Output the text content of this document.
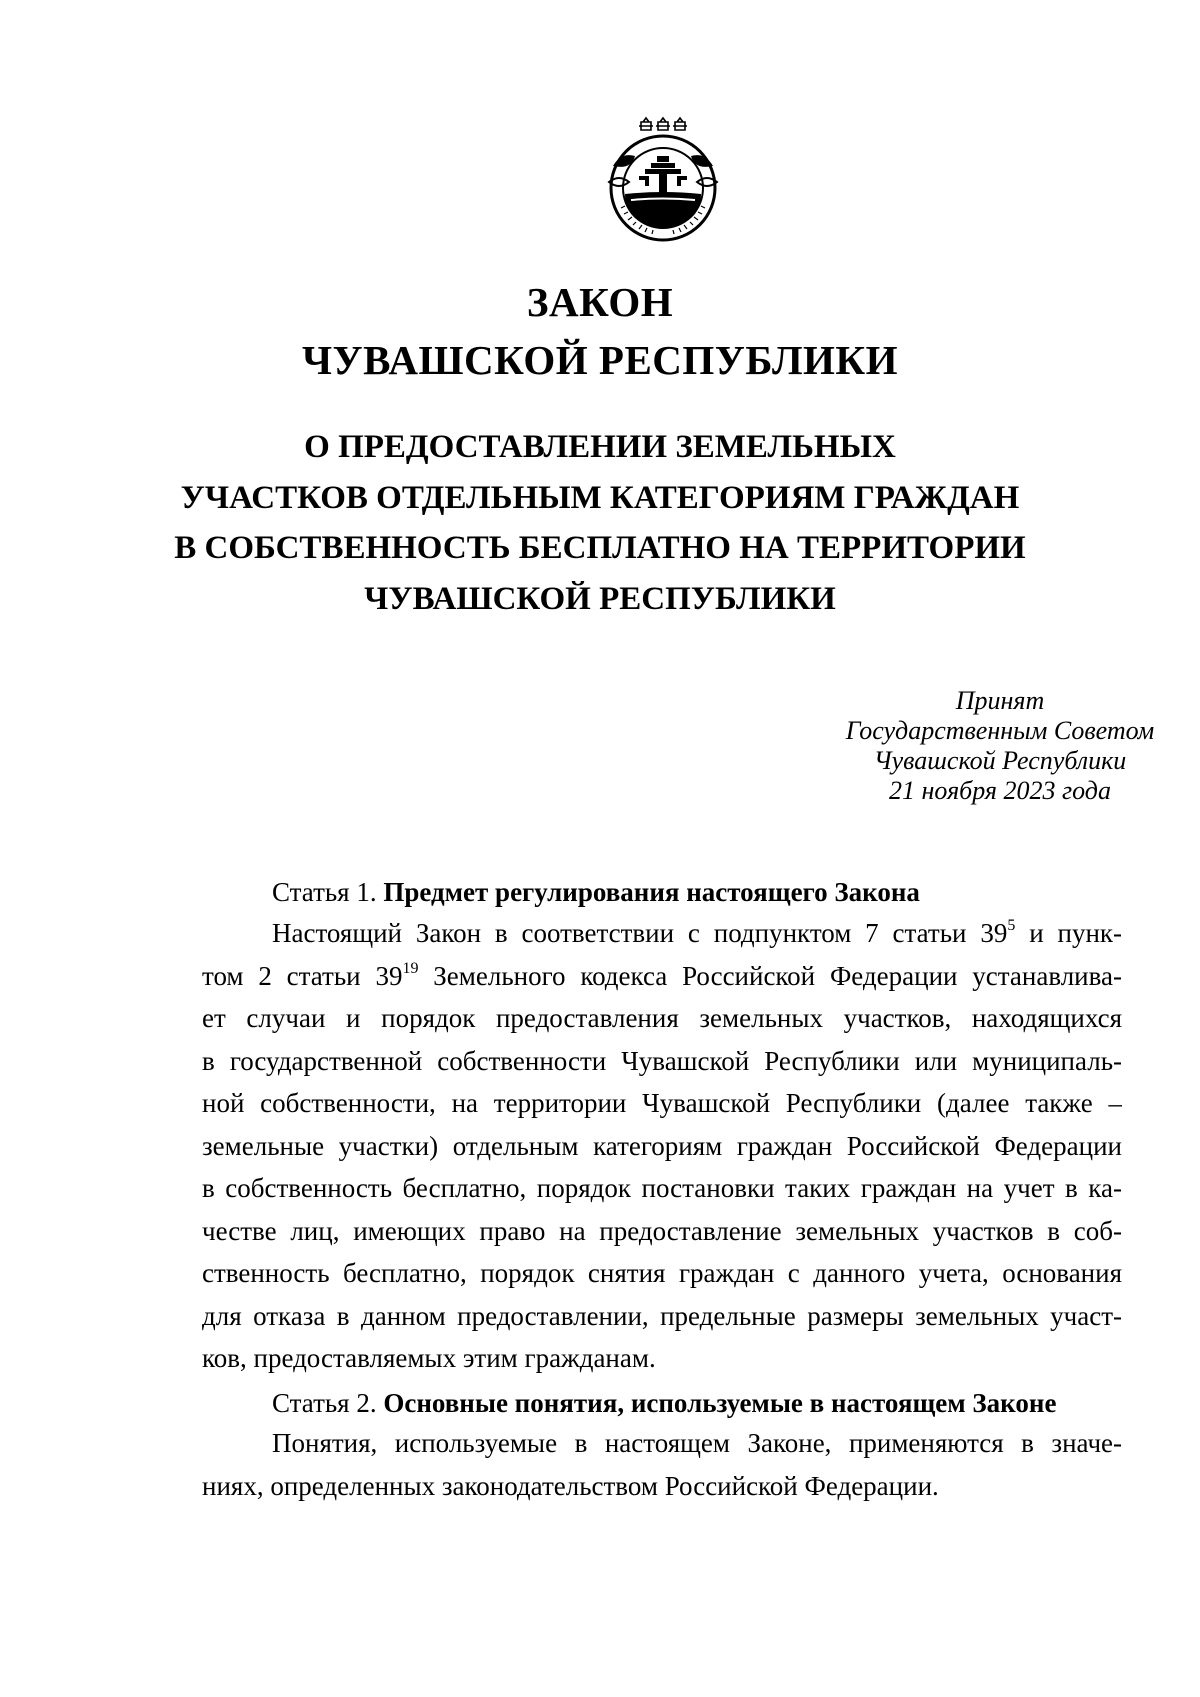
ЗАКОН
ЧУВАШСКОЙ РЕСПУБЛИКИ
О ПРЕДОСТАВЛЕНИИ ЗЕМЕЛЬНЫХ
УЧАСТКОВ ОТДЕЛЬНЫМ КАТЕГОРИЯМ ГРАЖДАН
В СОБСТВЕННОСТЬ БЕСПЛАТНО НА ТЕРРИТОРИИ
ЧУВАШСКОЙ РЕСПУБЛИКИ
Принят
Государственным Советом
Чувашской Республики
21 ноября 2023 года
Статья 1. Предмет регулирования настоящего Закона
Настоящий Закон в соответствии с подпунктом 7 статьи $39^5$ и пунк-
том 2 статьи $39^{19}$ Земельного кодекса Российской Федерации устанавлива-
ет случаи и порядок предоставления земельных участков, находящихся
в государственной собственности Чувашской Республики или муниципаль-
ной собственности, на территории Чувашской Республики (далее также –
земельные участки) отдельным категориям граждан Российской Федерации
в собственность бесплатно, порядок постановки таких граждан на учет в ка-
честве лиц, имеющих право на предоставление земельных участков в соб-
ственность бесплатно, порядок снятия граждан с данного учета, основания
для отказа в данном предоставлении, предельные размеры земельных участ-
ков, предоставляемых этим гражданам.
Статья 2. Основные понятия, используемые в настоящем Законе
Понятия, используемые в настоящем Законе, применяются в значе-
ниях, определенных законодательством Российской Федерации.
